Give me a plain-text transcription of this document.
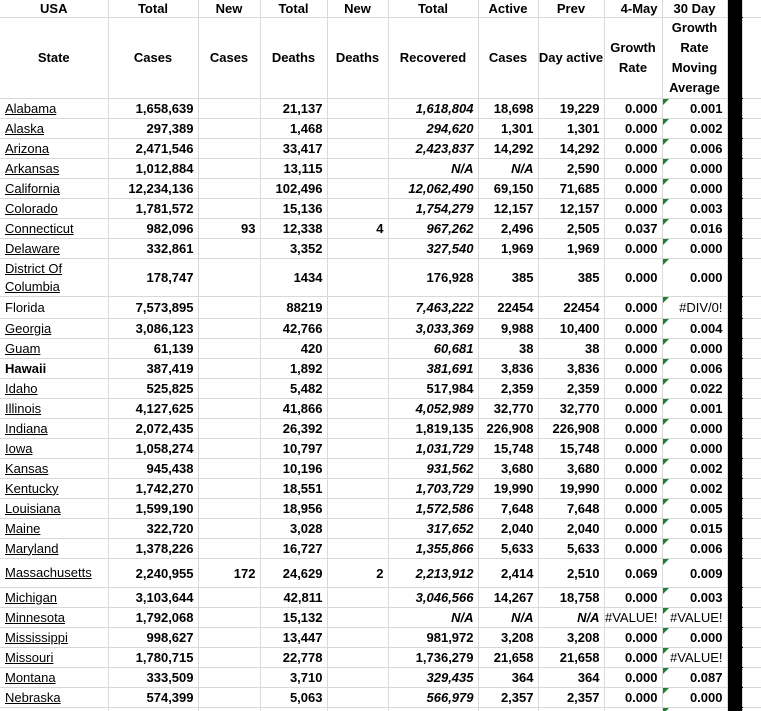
USA	Total	New	Total	New	Total	Active	Prev	4-May	30 Day		
State	Cases	Cases	Deaths	Deaths	Recovered	Cases	Day active	Growth Rate	Growth Rate Moving Average		
Alabama	1,658,639		21,137		1,618,804	18,698	19,229	0.000	0.001

Alaska	297,389		1,468		294,620	1,301	1,301	0.000	0.002

Arizona	2,471,546		33,417		2,423,837	14,292	14,292	0.000	0.006

Arkansas	1,012,884		13,115		N/A	N/A	2,590	0.000	0.000

California	12,234,136		102,496		12,062,490	69,150	71,685	0.000	0.000

Colorado	1,781,572		15,136		1,754,279	12,157	12,157	0.000	0.003

Connecticut	982,096	93	12,338	4	967,262	2,496	2,505	0.037	0.016

Delaware	332,861		3,352		327,540	1,969	1,969	0.000	0.000

District Of Columbia	178,747		1434		176,928	385	385	0.000	0.000

Florida	7,573,895		88219		7,463,222	22454	22454	0.000	#DIV/0!

Georgia	3,086,123		42,766		3,033,369	9,988	10,400	0.000	0.004

Guam	61,139		420		60,681	38	38	0.000	0.000

Hawaii	387,419		1,892		381,691	3,836	3,836	0.000	0.006

Idaho	525,825		5,482		517,984	2,359	2,359	0.000	0.022

Illinois	4,127,625		41,866		4,052,989	32,770	32,770	0.000	0.001

Indiana	2,072,435		26,392		1,819,135	226,908	226,908	0.000	0.000

Iowa	1,058,274		10,797		1,031,729	15,748	15,748	0.000	0.000

Kansas	945,438		10,196		931,562	3,680	3,680	0.000	0.002

Kentucky	1,742,270		18,551		1,703,729	19,990	19,990	0.000	0.002

Louisiana	1,599,190		18,956		1,572,586	7,648	7,648	0.000	0.005

Maine	322,720		3,028		317,652	2,040	2,040	0.000	0.015

Maryland	1,378,226		16,727		1,355,866	5,633	5,633	0.000	0.006

Massachusetts	2,240,955	172	24,629	2	2,213,912	2,414	2,510	0.069	0.009

Michigan	3,103,644		42,811		3,046,566	14,267	18,758	0.000	0.003

Minnesota	1,792,068		15,132		N/A	N/A	N/A	#VALUE!	#VALUE!

Mississippi	998,627		13,447		981,972	3,208	3,208	0.000	0.000

Missouri	1,780,715		22,778		1,736,279	21,658	21,658	0.000	#VALUE!

Montana	333,509		3,710		329,435	364	364	0.000	0.087

Nebraska	574,399		5,063		566,979	2,357	2,357	0.000	0.000
